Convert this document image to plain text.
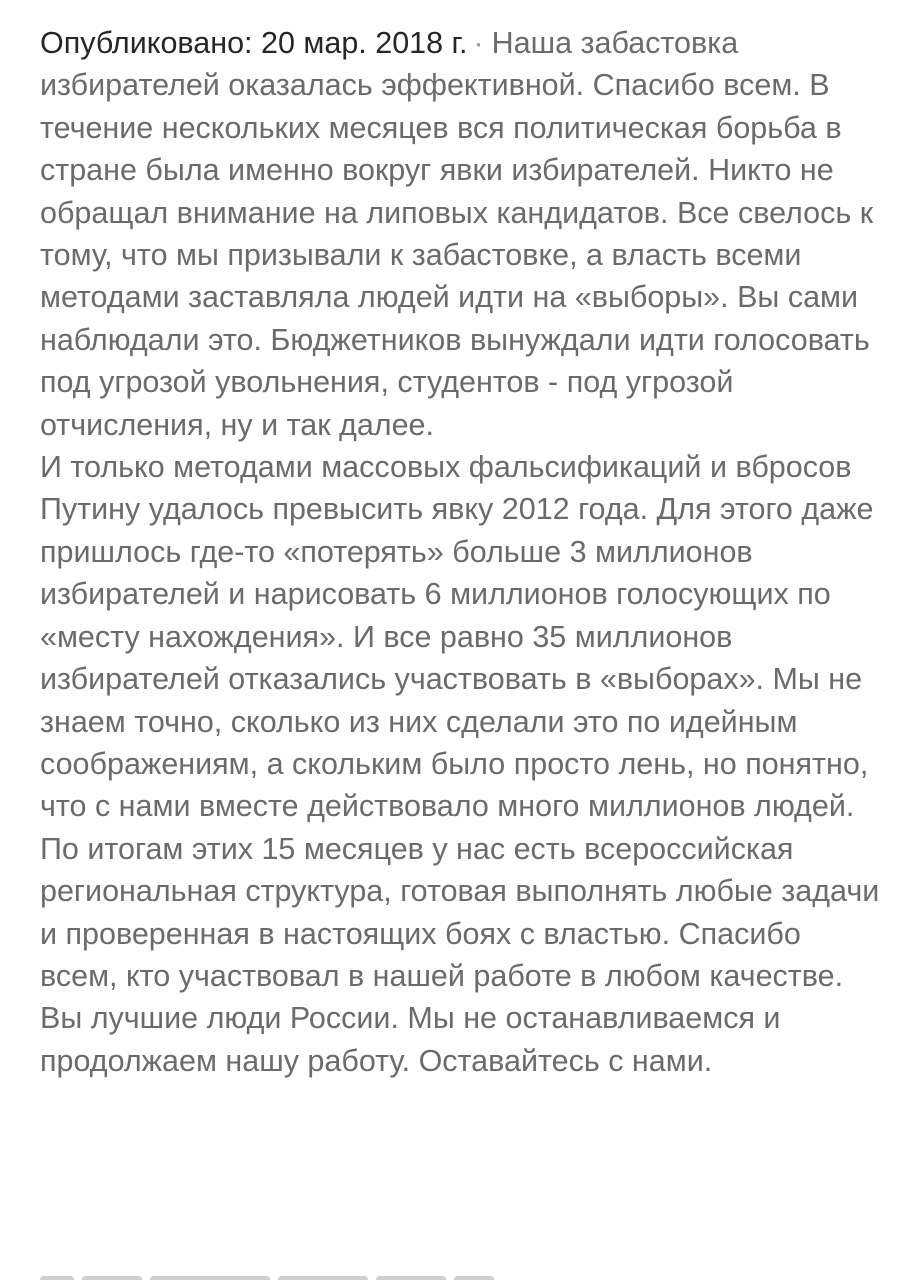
Опубликовано: 20 мар. 2018 г. · Наша забастовка избирателей оказалась эффективной. Спасибо всем. В течение нескольких месяцев вся политическая борьба в стране была именно вокруг явки избирателей. Никто не обращал внимание на липовых кандидатов. Все свелось к тому, что мы призывали к забастовке, а власть всеми методами заставляла людей идти на «выборы». Вы сами наблюдали это. Бюджетников вынуждали идти голосовать под угрозой увольнения, студентов - под угрозой отчисления, ну и так далее.

И только методами массовых фальсификаций и вбросов Путину удалось превысить явку 2012 года. Для этого даже пришлось где-то «потерять» больше 3 миллионов избирателей и нарисовать 6 миллионов голосующих по «месту нахождения». И все равно 35 миллионов избирателей отказались участвовать в «выборах». Мы не знаем точно, сколько из них сделали это по идейным соображениям, а скольким было просто лень, но понятно, что с нами вместе действовало много миллионов людей.

По итогам этих 15 месяцев у нас есть всероссийская региональная структура, готовая выполнять любые задачи и проверенная в настоящих боях с властью. Спасибо всем, кто участвовал в нашей работе в любом качестве. Вы лучшие люди России. Мы не останавливаемся и продолжаем нашу работу. Оставайтесь с нами.
